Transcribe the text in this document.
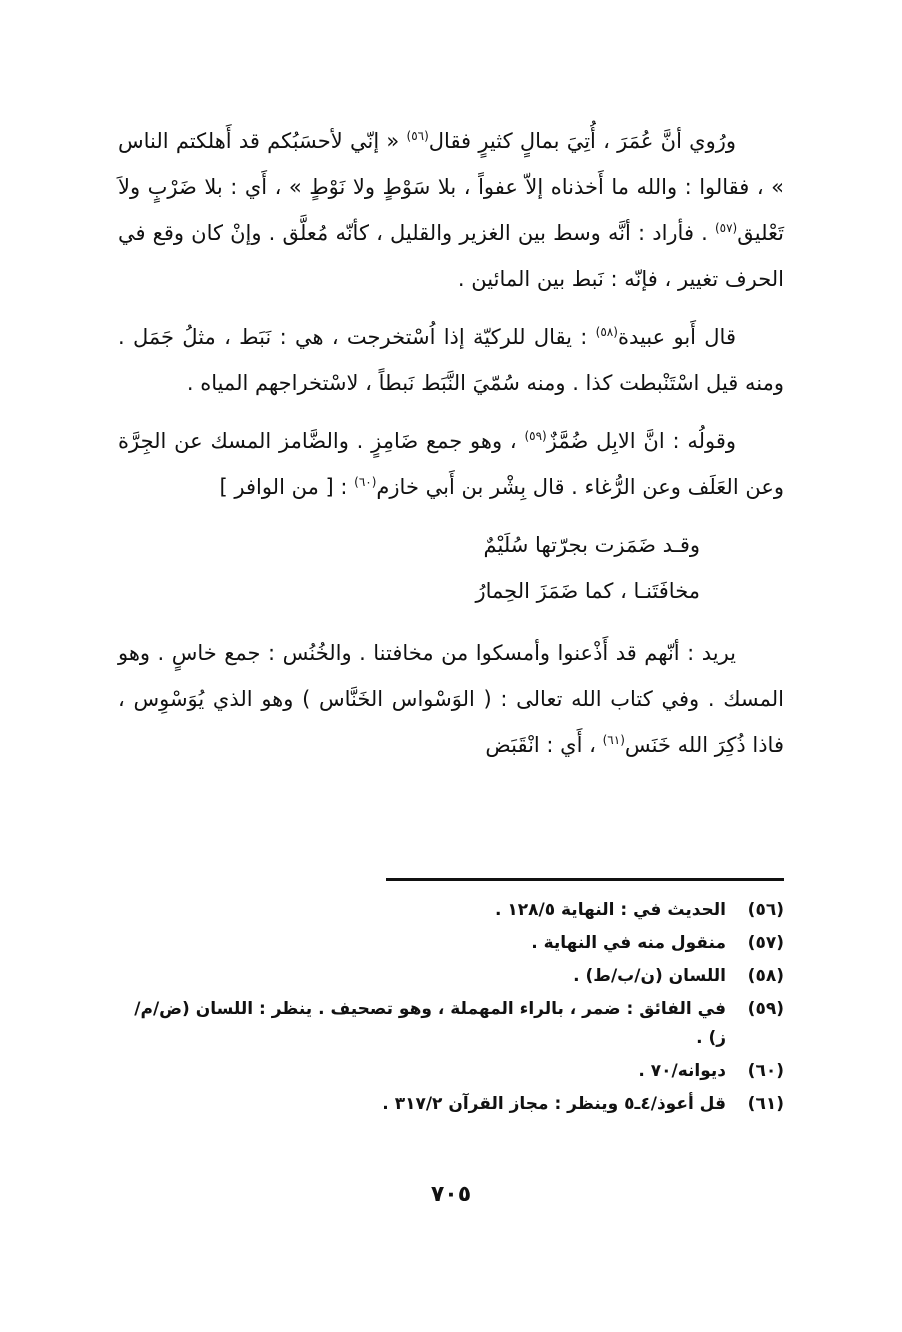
ورُوي أنَّ عُمَرَ ، أُتِيَ بمالٍ كثيرٍ فقال$^{(٥٦)}$ « إنّي لأحسَبُكم قد أَهلكتم الناس » ، فقالوا : والله ما أَخذناه إلاّ عفواً ، بلا سَوْطٍ ولا نَوْطٍ » ، أَي : بلا ضَرْبٍ ولاَ تَعْليق$^{(٥٧)}$ . فأراد : أنَّه وسط بين الغزير والقليل ، كأنّه مُعلَّق . وإنْ كان وقع في الحرف تغيير ، فإنّه : نَبط بين المائين .

قال أَبو عبيدة$^{(٥٨)}$ : يقال للركيّة إذا اُسْتخرجت ، هي : نَبَط ، مثلُ جَمَل . ومنه قيل اسْتَنْبطت كذا . ومنه سُمّيَ النَّبَط نَبطاً ، لاسْتخراجهم المياه .

وقولُه : انَّ الابِل ضُمَّزٌ$^{(٥٩)}$ ، وهو جمع ضَامِزٍ . والضَّامز المسك عن الجِرَّة وعن العَلَف وعن الرُّغاء . قال بِشْر بن أَبي خازم$^{(٦٠)}$ : [ من الوافر ]

وقـد ضَمَزت بجرّتها سُلَيْمٌ
مخافَتَنـا ، كما ضَمَزَ الحِمارُ

يريد : أنّهم قد أَذْعنوا وأمسكوا من مخافتنا . والخُنُس : جمع خاسٍ . وهو المسك . وفي كتاب الله تعالى : ( الوَسْواس الخَنَّاس ) وهو الذي يُوَسْوِس ، فاذا ذُكِرَ الله خَنَس$^{(٦١)}$ ، أَي : انْقَبَض

(٥٦)
الحديث في : النهاية ١٢٨/٥ .
(٥٧)
منقول منه في النهاية .
(٥٨)
اللسان (ن/ب/ط) .
(٥٩)
في الفائق : ضمر ، بالراء المهملة ، وهو تصحيف . ينظر : اللسان (ض/م/ز) .
(٦٠)
ديوانه/٧٠ .
(٦١)
قل أعوذ/٤ـ٥ وينظر : مجاز القرآن ٣١٧/٢ .
٧٠٥
